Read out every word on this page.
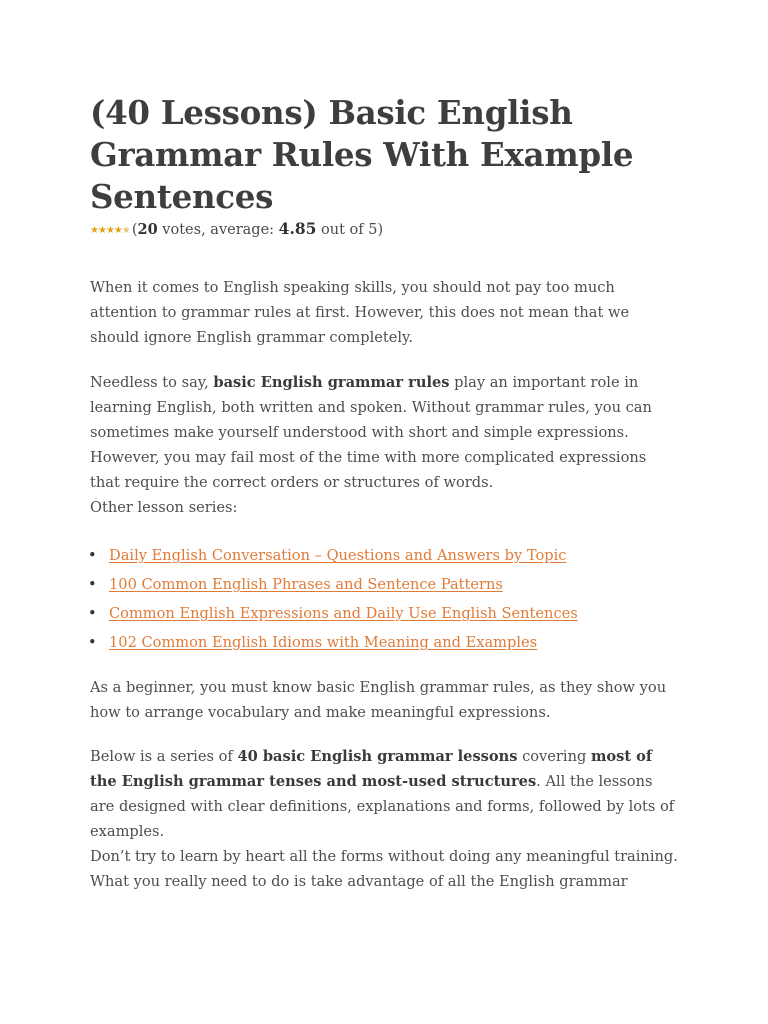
(40 Lessons) Basic English Grammar Rules With Example Sentences
★★★★★ (20 votes, average: 4.85 out of 5)

When it comes to English speaking skills, you should not pay too much attention to grammar rules at first. However, this does not mean that we should ignore English grammar completely.

Needless to say, basic English grammar rules play an important role in learning English, both written and spoken. Without grammar rules, you can sometimes make yourself understood with short and simple expressions. However, you may fail most of the time with more complicated expressions that require the correct orders or structures of words.
Other lesson series:

• Daily English Conversation – Questions and Answers by Topic
• 100 Common English Phrases and Sentence Patterns
• Common English Expressions and Daily Use English Sentences
• 102 Common English Idioms with Meaning and Examples

As a beginner, you must know basic English grammar rules, as they show you how to arrange vocabulary and make meaningful expressions.

Below is a series of 40 basic English grammar lessons covering most of the English grammar tenses and most-used structures. All the lessons are designed with clear definitions, explanations and forms, followed by lots of examples.
Don’t try to learn by heart all the forms without doing any meaningful training. What you really need to do is take advantage of all the English grammar
